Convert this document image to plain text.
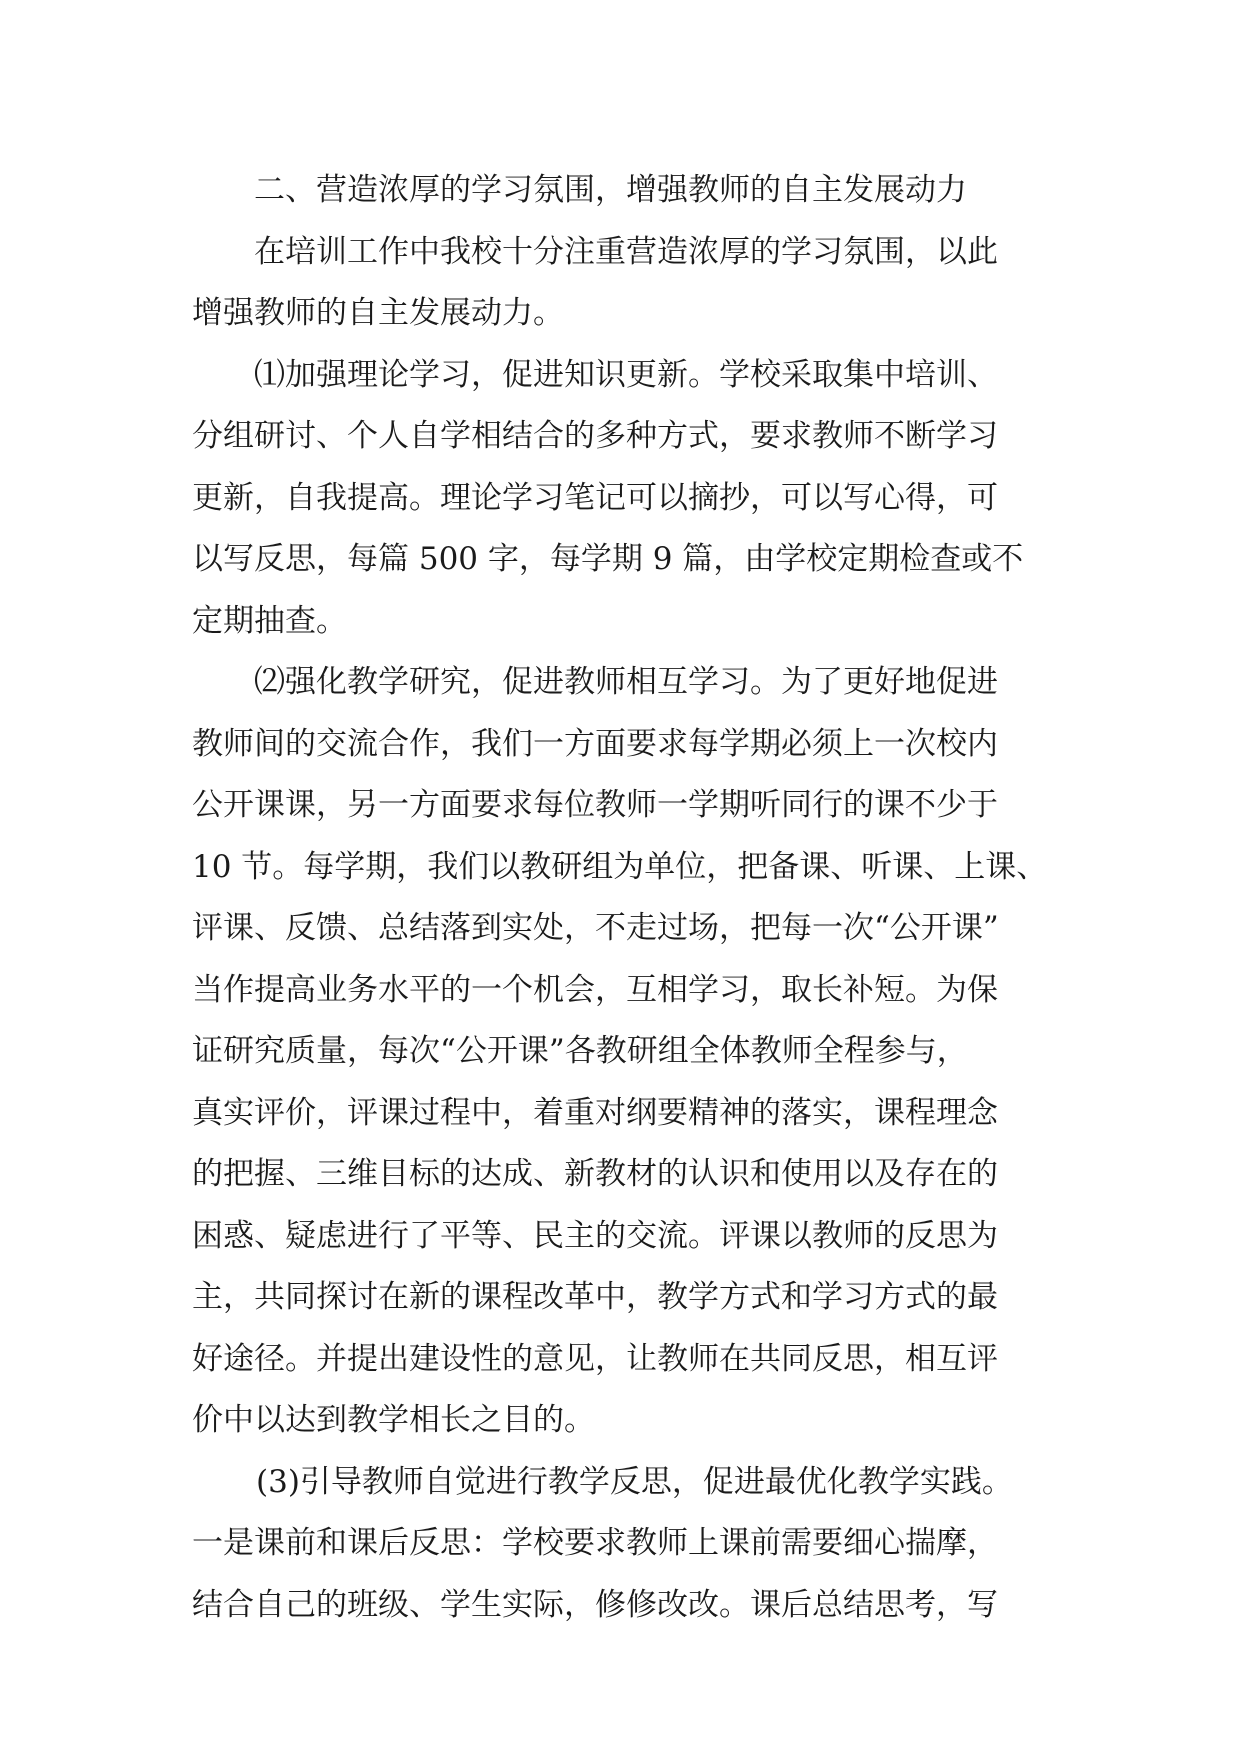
二、营造浓厚的学习氛围，增强教师的自主发展动力
在培训工作中我校十分注重营造浓厚的学习氛围，以此
增强教师的自主发展动力。
⑴加强理论学习，促进知识更新。学校采取集中培训、
分组研讨、个人自学相结合的多种方式，要求教师不断学习
更新，自我提高。理论学习笔记可以摘抄，可以写心得，可
以写反思，每篇 500 字，每学期 9 篇，由学校定期检查或不
定期抽查。
⑵强化教学研究，促进教师相互学习。为了更好地促进
教师间的交流合作，我们一方面要求每学期必须上一次校内
公开课课，另一方面要求每位教师一学期听同行的课不少于
10 节。每学期，我们以教研组为单位，把备课、听课、上课、
评课、反馈、总结落到实处，不走过场，把每一次“公开课”
当作提高业务水平的一个机会，互相学习，取长补短。为保
证研究质量，每次“公开课”各教研组全体教师全程参与，
真实评价，评课过程中，着重对纲要精神的落实，课程理念
的把握、三维目标的达成、新教材的认识和使用以及存在的
困惑、疑虑进行了平等、民主的交流。评课以教师的反思为
主，共同探讨在新的课程改革中，教学方式和学习方式的最
好途径。并提出建设性的意见，让教师在共同反思，相互评
价中以达到教学相长之目的。
(3)引导教师自觉进行教学反思，促进最优化教学实践。
一是课前和课后反思：学校要求教师上课前需要细心揣摩，
结合自己的班级、学生实际，修修改改。课后总结思考，写
